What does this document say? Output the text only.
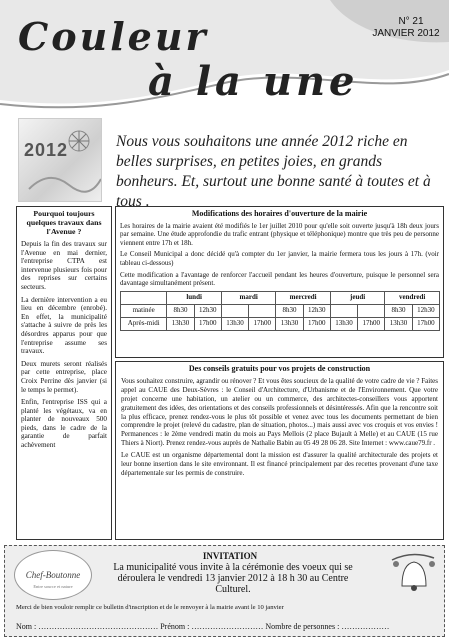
Couleur
à la une
N° 21
JANVIER 2012
2012	Nous vous souhaitons une année 2012 riche en belles surprises, en petites joies, en grands bonheurs. Et, surtout une bonne santé à toutes et à tous .
Pourquoi toujours quelques travaux dans l'Avenue ?

Depuis la fin des travaux sur l'Avenue en mai dernier, l'entreprise CTPA est intervenue plusieurs fois pour des reprises sur certains secteurs.

La dernière intervention a eu lieu en décembre (enrobé). En effet, la municipalité s'attache à suivre de près les désordres apparus pour que l'entreprise assume ses travaux.

Deux murets seront réalisés par cette entreprise, place Croix Perrine dès janvier (si le temps le permet).

Enfin, l'entreprise ISS qui a planté les végétaux, va en planter de nouveaux 500 pieds, dans le cadre de la garantie de parfait achèvement

Modifications des horaires d'ouverture de la mairie

Les horaires de la mairie avaient été modifiés le 1er juillet 2010 pour qu'elle soit ouverte jusqu'à 18h deux jours par semaine. Une étude approfondie du trafic entrant (physique et téléphonique) montre que très peu de personne viennent entre 17h et 18h.

Le Conseil Municipal a donc décidé qu'à compter du 1er janvier, la mairie fermera tous les jours à 17h. (voir tableau ci-dessous)

Cette modification a l'avantage de renforcer l'accueil pendant les heures d'ouverture, puisque le personnel sera davantage simultanément présent.

	lundi		mardi		mercredi		jeudi		vendredi	
matinée	8h30	12h30			8h30	12h30			8h30	12h30
Après-midi	13h30	17h00	13h30	17h00	13h30	17h00	13h30	17h00	13h30	17h00
Des conseils gratuits pour vos projets de construction

Vous souhaitez construire, agrandir ou rénover ? Et vous êtes soucieux de la qualité de votre cadre de vie ? Faites appel au CAUE des Deux-Sèvres : le Conseil d'Architecture, d'Urbanisme et de l'Environnement. Que votre projet concerne une habitation, un atelier ou un commerce, des architectes-conseillers vous apportent gratuitement des idées, des orientations et des conseils professionnels et désintéressés. Afin que la rencontre soit la plus efficace, prenez rendez-vous le plus tôt possible et venez avec tous les documents permettant de bien comprendre le projet (relevé du cadastre, plan de situation, photos...) mais aussi avec vos croquis et vos envies ! Permanences : le 2ème vendredi matin du mois au Pays Mellois (2 place Bujault à Melle) et au CAUE (15 rue Thiers à Niort). Prenez rendez-vous auprès de Nathalie Babin au 05 49 28 06 28. Site Internet : www.caue79.fr .

Le CAUE est un organisme départemental dont la mission est d'assurer la qualité architecturale des projets et leur bonne insertion dans le site environnant. Il est financé principalement par des recettes provenant d'une taxe départementale sur les permis de construire.

Chef-Boutonne
Entre source et nature
INVITATION
La municipalité vous invite à la cérémonie des voeux qui se déroulera le vendredi 13 janvier 2012 à 18 h 30 au Centre Culturel.
Merci de bien vouloir remplir ce bulletin d'inscription et de le renvoyer à la mairie avant le 10 janvier
Nom : ……………………………………… Prénom : ……………………… Nombre de personnes : ………………
